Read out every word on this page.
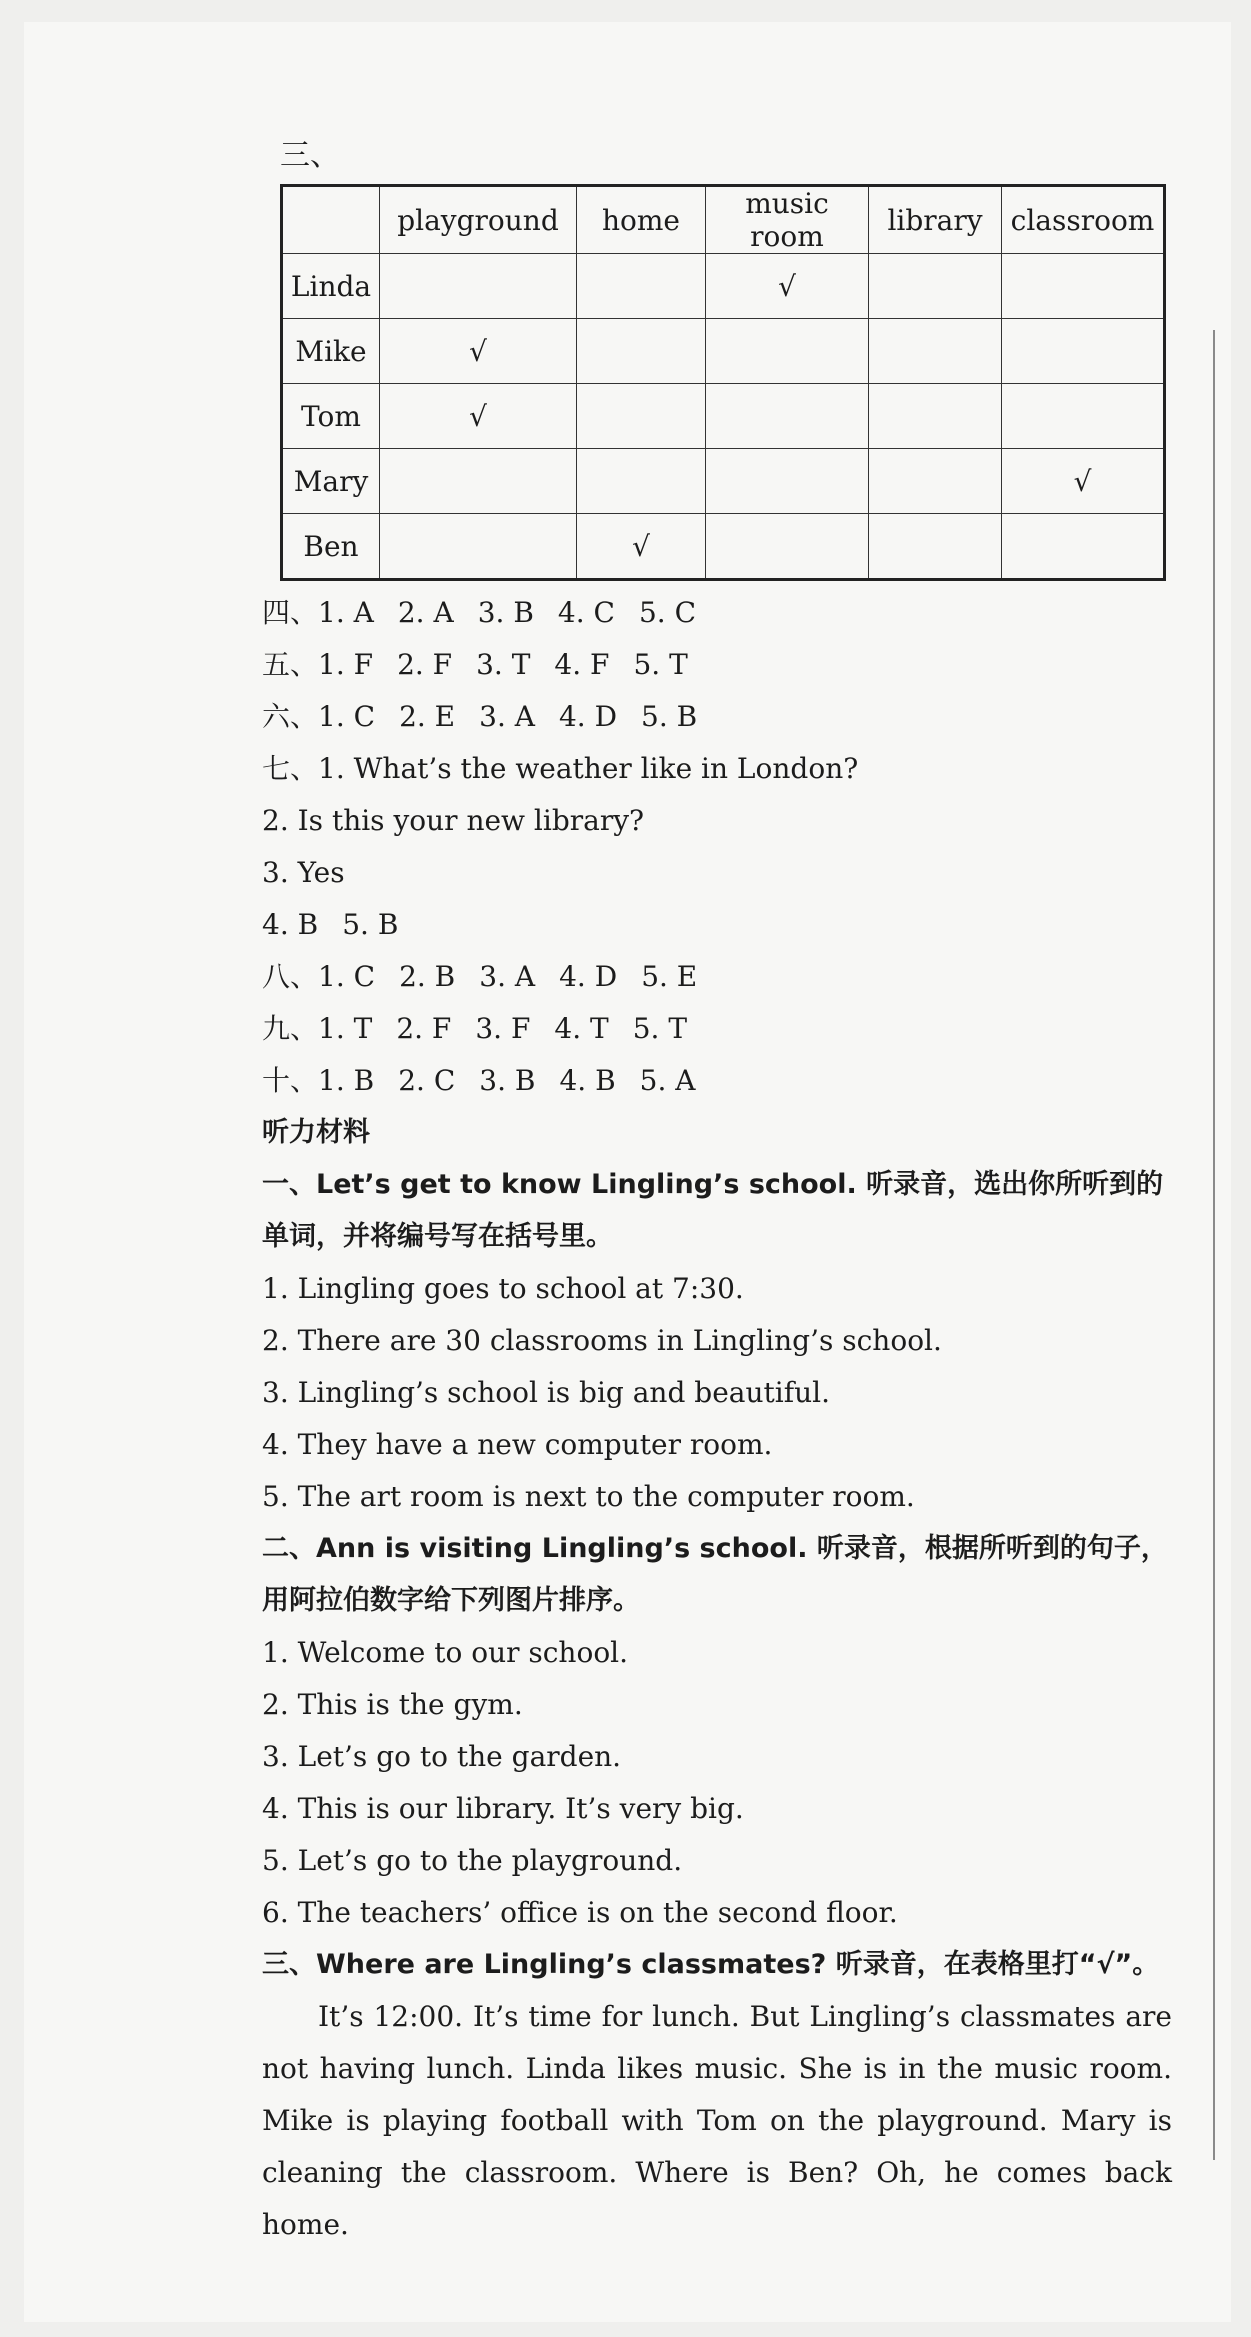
三、
	playground	home	music room	library	classroom
Linda			√		
Mike	√				
Tom	√				
Mary					√
Ben		√			
四、1. A 2. A 3. B 4. C 5. C
五、1. F 2. F 3. T 4. F 5. T
六、1. C 2. E 3. A 4. D 5. B
七、1. What’s the weather like in London?
2. Is this your new library?
3. Yes
4. B 5. B
八、1. C 2. B 3. A 4. D 5. E
九、1. T 2. F 3. F 4. T 5. T
十、1. B 2. C 3. B 4. B 5. A
听力材料
一、Let’s get to know Lingling’s school. 听录音，选出你所听到的
单词，并将编号写在括号里。
1. Lingling goes to school at 7:30.
2. There are 30 classrooms in Lingling’s school.
3. Lingling’s school is big and beautiful.
4. They have a new computer room.
5. The art room is next to the computer room.
二、Ann is visiting Lingling’s school. 听录音，根据所听到的句子，
用阿拉伯数字给下列图片排序。
1. Welcome to our school.
2. This is the gym.
3. Let’s go to the garden.
4. This is our library. It’s very big.
5. Let’s go to the playground.
6. The teachers’ office is on the second floor.
三、Where are Lingling’s classmates? 听录音，在表格里打“√”。
It’s 12:00. It’s time for lunch. But Lingling’s classmates are not having lunch. Linda likes music. She is in the music room. Mike is playing football with Tom on the playground. Mary is cleaning the classroom. Where is Ben? Oh, he comes back home.
